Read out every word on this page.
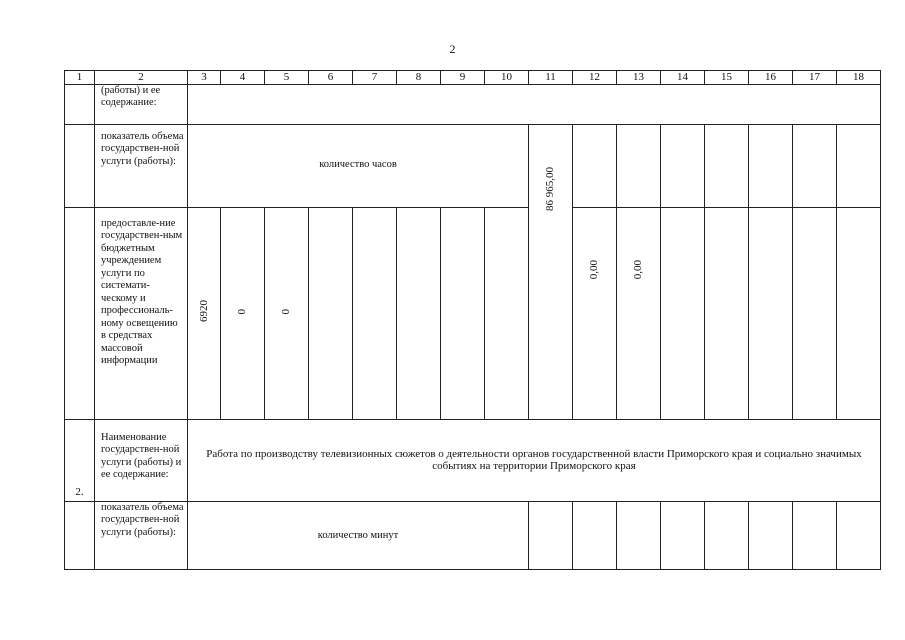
2
1	2	3	4	5	6	7	8	9	10	11	12	13	14	15	16	17	18
	(работы) и ее содержание:																
	показатель объема государствен-ной услуги (работы):	количество часов								86 965,00							
	предоставле-ние государствен-ным бюджетным учреждением услуги по системати-ческому и профессиональ-ному освещению в средствах массовой информации	6920	0	0							0,00	0,00					
2.	Наименование государствен-ной услуги (работы) и ее содержание:	Работа по производству телевизионных сюжетов о деятельности органов государственной власти Приморского края и социально значимых событиях на территории Приморского края															
	показатель объема государствен-ной услуги (работы):	количество минут															
